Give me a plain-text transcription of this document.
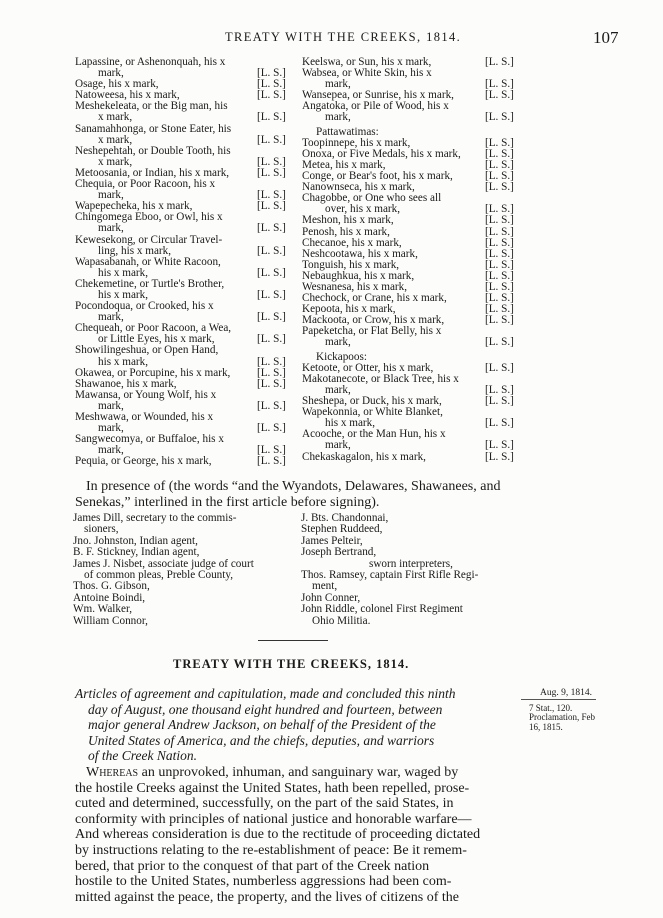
TREATY WITH THE CREEKS, 1814.	107
Lapassine, or Ashenonquah, his x
mark,	[L. S.]
Osage, his x mark,	[L. S.]
Natoweesa, his x mark,	[L. S.]
Meshekeleata, or the Big man, his
x mark,	[L. S.]
Sanamahhonga, or Stone Eater, his
x mark,	[L. S.]
Neshepehtah, or Double Tooth, his
x mark,	[L. S.]
Metoosania, or Indian, his x mark,	[L. S.]
Chequia, or Poor Racoon, his x
mark,	[L. S.]
Wapepecheka, his x mark,	[L. S.]
Chingomega Eboo, or Owl, his x
mark,	[L. S.]
Kewesekong, or Circular Travel-
ling, his x mark,	[L. S.]
Wapasabanah, or White Racoon,
his x mark,	[L. S.]
Chekemetine, or Turtle's Brother,
his x mark,	[L. S.]
Pocondoqua, or Crooked, his x
mark,	[L. S.]
Chequeah, or Poor Racoon, a Wea,
or Little Eyes, his x mark,	[L. S.]
Showilingeshua, or Open Hand,
his x mark,	[L. S.]
Okawea, or Porcupine, his x mark,	[L. S.]
Shawanoe, his x mark,	[L. S.]
Mawansa, or Young Wolf, his x
mark,	[L. S.]
Meshwawa, or Wounded, his x
mark,	[L. S.]
Sangwecomya, or Buffaloe, his x
mark,	[L. S.]
Pequia, or George, his x mark,	[L. S.]
Keelswa, or Sun, his x mark,	[L. S.]
Wabsea, or White Skin, his x
mark,	[L. S.]
Wansepea, or Sunrise, his x mark,	[L. S.]
Angatoka, or Pile of Wood, his x
mark,	[L. S.]
Pattawatimas:
Toopinnepe, his x mark,	[L. S.]
Onoxa, or Five Medals, his x mark,	[L. S.]
Metea, his x mark,	[L. S.]
Conge, or Bear's foot, his x mark,	[L. S.]
Nanownseca, his x mark,	[L. S.]
Chagobbe, or One who sees all
over, his x mark,	[L. S.]
Meshon, his x mark,	[L. S.]
Penosh, his x mark,	[L. S.]
Checanoe, his x mark,	[L. S.]
Neshcootawa, his x mark,	[L. S.]
Tonguish, his x mark,	[L. S.]
Nebaughkua, his x mark,	[L. S.]
Wesnanesa, his x mark,	[L. S.]
Chechock, or Crane, his x mark,	[L. S.]
Kepoota, his x mark,	[L. S.]
Mackoota, or Crow, his x mark,	[L. S.]
Papeketcha, or Flat Belly, his x
mark,	[L. S.]
Kickapoos:
Ketoote, or Otter, his x mark,	[L. S.]
Makotanecote, or Black Tree, his x
mark,	[L. S.]
Sheshepa, or Duck, his x mark,	[L. S.]
Wapekonnia, or White Blanket,
his x mark,	[L. S.]
Acooche, or the Man Hun, his x
mark,	[L. S.]
Chekaskagalon, his x mark,	[L. S.]
In presence of (the words “and the Wyandots, Delawares, Shawanees, and Senekas,” interlined in the first article before signing).
James Dill, secretary to the commis-
sioners,
Jno. Johnston, Indian agent,
B. F. Stickney, Indian agent,
James J. Nisbet, associate judge of court
of common pleas, Preble County,
Thos. G. Gibson,
Antoine Boindi,
Wm. Walker,
William Connor,
J. Bts. Chandonnai,
Stephen Ruddeed,
James Pelteir,
Joseph Bertrand,
sworn interpreters,
Thos. Ramsey, captain First Rifle Regi-
ment,
John Conner,
John Riddle, colonel First Regiment
Ohio Militia.
TREATY WITH THE CREEKS, 1814.
Articles of agreement and capitulation, made and concluded this ninth
day of August, one thousand eight hundred and fourteen, between
major general Andrew Jackson, on behalf of the President of the
United States of America, and the chiefs, deputies, and warriors
of the Creek Nation.
Aug. 9, 1814.
7 Stat., 120.
Proclamation, Feb
16, 1815.
Whereas an unprovoked, inhuman, and sanguinary war, waged by
the hostile Creeks against the United States, hath been repelled, prose-
cuted and determined, successfully, on the part of the said States, in
conformity with principles of national justice and honorable warfare—
And whereas consideration is due to the rectitude of proceeding dictated
by instructions relating to the re-establishment of peace: Be it remem-
bered, that prior to the conquest of that part of the Creek nation
hostile to the United States, numberless aggressions had been com-
mitted against the peace, the property, and the lives of citizens of the
